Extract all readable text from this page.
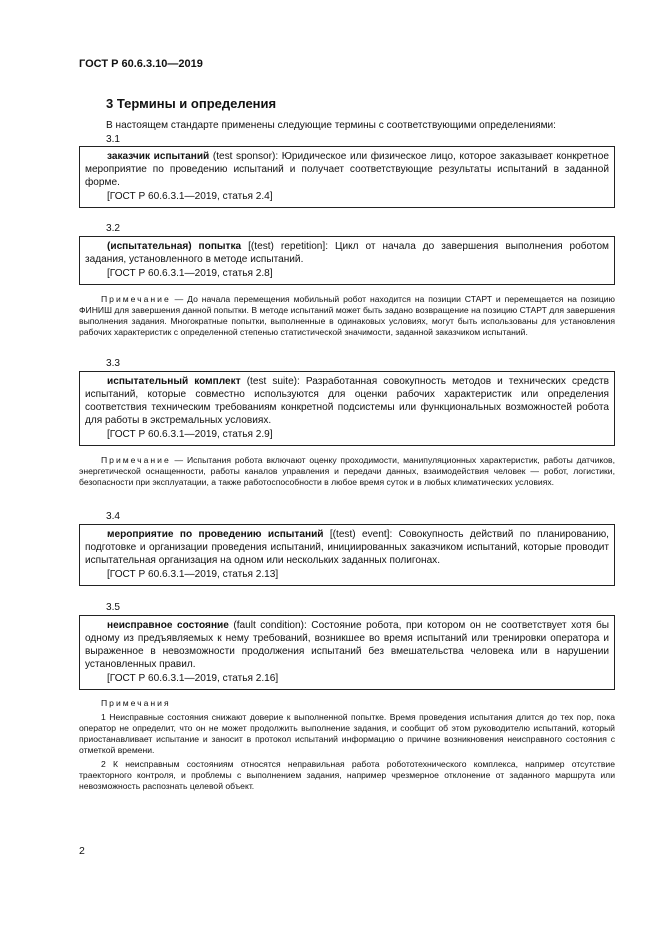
ГОСТ Р 60.6.3.10—2019
3 Термины и определения
В настоящем стандарте применены следующие термины с соответствующими определениями:
3.1

заказчик испытаний (test sponsor): Юридическое или физическое лицо, которое заказывает конкретное мероприятие по проведению испытаний и получает соответствующие результаты испытаний в заданной форме.

[ГОСТ Р 60.6.3.1—2019, статья 2.4]

3.2

(испытательная) попытка [(test) repetition]: Цикл от начала до завершения выполнения роботом задания, установленного в методе испытаний.

[ГОСТ Р 60.6.3.1—2019, статья 2.8]

Примечание — До начала перемещения мобильный робот находится на позиции СТАРТ и перемещается на позицию ФИНИШ для завершения данной попытки. В методе испытаний может быть задано возвращение на позицию СТАРТ для завершения выполнения задания. Многократные попытки, выполненные в одинаковых условиях, могут быть использованы для установления рабочих характеристик с определенной степенью статистической значимости, заданной заказчиком испытаний.

3.3

испытательный комплект (test suite): Разработанная совокупность методов и технических средств испытаний, которые совместно используются для оценки рабочих характеристик или определения соответствия техническим требованиям конкретной подсистемы или функциональных возможностей робота для работы в экстремальных условиях.

[ГОСТ Р 60.6.3.1—2019, статья 2.9]

Примечание — Испытания робота включают оценку проходимости, манипуляционных характеристик, работы датчиков, энергетической оснащенности, работы каналов управления и передачи данных, взаимодействия человек — робот, логистики, безопасности при эксплуатации, а также работоспособности в любое время суток и в любых климатических условиях.

3.4

мероприятие по проведению испытаний [(test) event]: Совокупность действий по планированию, подготовке и организации проведения испытаний, инициированных заказчиком испытаний, которые проводит испытательная организация на одном или нескольких заданных полигонах.

[ГОСТ Р 60.6.3.1—2019, статья 2.13]

3.5

неисправное состояние (fault condition): Состояние робота, при котором он не соответствует хотя бы одному из предъявляемых к нему требований, возникшее во время испытаний или тренировки оператора и выраженное в невозможности продолжения испытаний без вмешательства человека или в нарушении установленных правил.

[ГОСТ Р 60.6.3.1—2019, статья 2.16]

Примечания

1 Неисправные состояния снижают доверие к выполненной попытке. Время проведения испытания длится до тех пор, пока оператор не определит, что он не может продолжить выполнение задания, и сообщит об этом руководителю испытаний, который приостанавливает испытание и заносит в протокол испытаний информацию о причине возникновения неисправного состояния с отметкой времени.

2 К неисправным состояниям относятся неправильная работа робототехнического комплекса, например отсутствие траекторного контроля, и проблемы с выполнением задания, например чрезмерное отклонение от заданного маршрута или невозможность распознать целевой объект.

2
